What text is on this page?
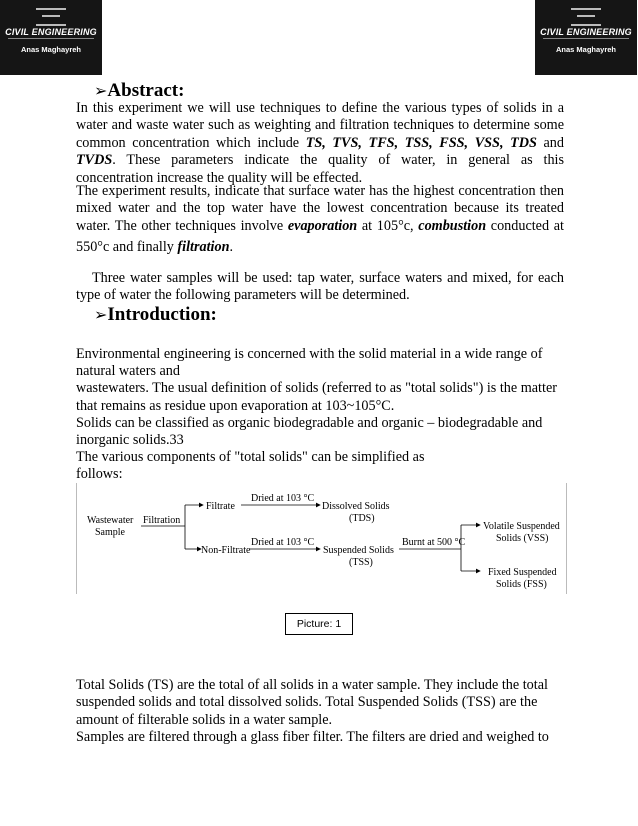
CIVIL ENGINEERING
Anas Maghayreh
CIVIL ENGINEERING
Anas Maghayreh
➢Abstract:
In this experiment we will use techniques to define the various types of solids in a
water and waste water such as weighting and filtration techniques to determine some
common concentration which include TS, TVS, TFS, TSS, FSS, VSS, TDS and
TVDS. These parameters indicate the quality of water, in general as this
concentration increase the quality will be effected.
The experiment results, indicate that surface water has the highest concentration then
mixed water and the top water have the lowest concentration because its treated
water. The other techniques involve evaporation at 105°c, combustion conducted at
550°c and finally filtration.
Three water samples will be used: tap water, surface waters and mixed, for each
type of water the following parameters will be determined.
➢Introduction:
Environmental engineering is concerned with the solid material in a wide range of
natural waters and
wastewaters. The usual definition of solids (referred to as "total solids") is the matter
that remains as residue upon evaporation at 103~105°C.
Solids can be classified as organic biodegradable and organic – biodegradable and
inorganic solids.33
The various components of "total solids" can be simplified as
follows:
Wastewater
Sample
Filtration
Filtrate
Non-Filtrate
Dried at 103 °C
Dissolved Solids
(TDS)
Dried at 103 °C
Suspended Solids
(TSS)
Burnt at 500 °C
Volatile Suspended
Solids (VSS)
Fixed Suspended
Solids (FSS)
Picture: 1
Total Solids (TS) are the total of all solids in a water sample. They include the total
suspended solids and total dissolved solids. Total Suspended Solids (TSS) are the
amount of filterable solids in a water sample.
Samples are filtered through a glass fiber filter. The filters are dried and weighed to
